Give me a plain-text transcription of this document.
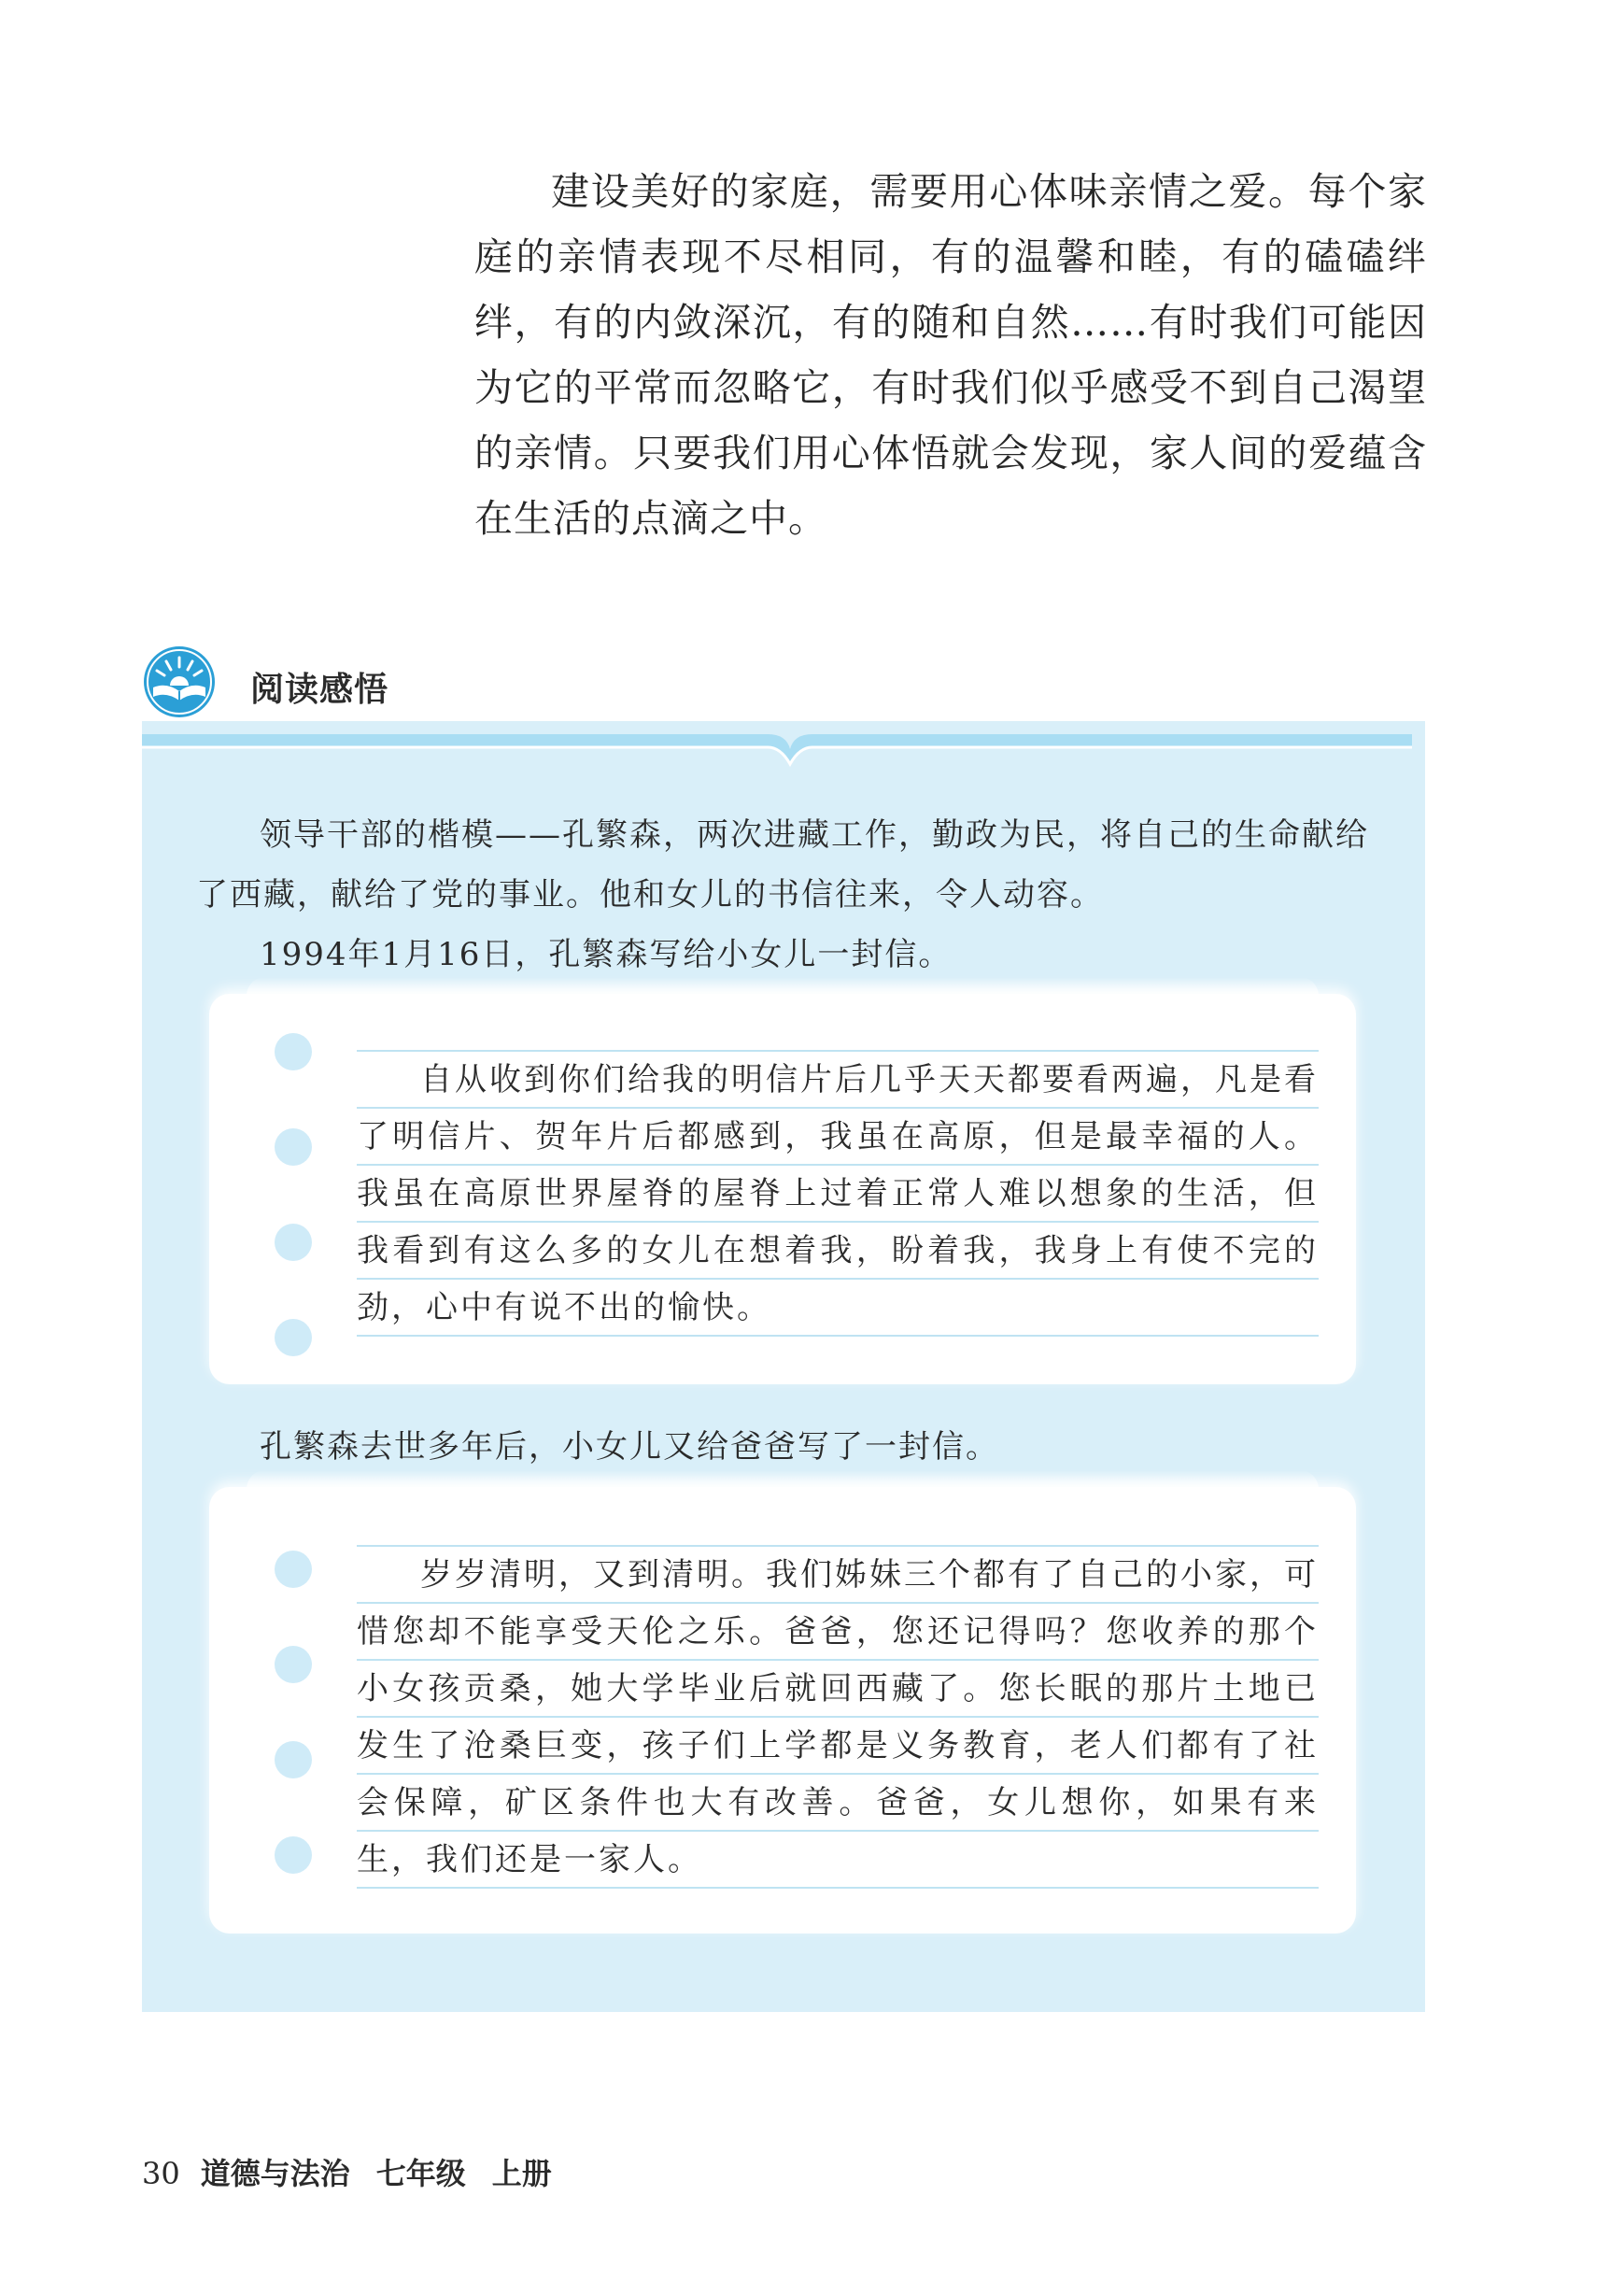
建设美好的家庭，需要用心体味亲情之爱。每个家庭的亲情表现不尽相同，有的温馨和睦，有的磕磕绊绊，有的内敛深沉，有的随和自然……有时我们可能因为它的平常而忽略它，有时我们似乎感受不到自己渴望的亲情。只要我们用心体悟就会发现，家人间的爱蕴含在生活的点滴之中。

阅读感悟

领导干部的楷模——孔繁森，两次进藏工作，勤政为民，将自己的生命献给了西藏，献给了党的事业。他和女儿的书信往来，令人动容。

1994年1月16日，孔繁森写给小女儿一封信。

自从收到你们给我的明信片后几乎天天都要看两遍，凡是看了明信片、贺年片后都感到，我虽在高原，但是最幸福的人。我虽在高原世界屋脊的屋脊上过着正常人难以想象的生活，但我看到有这么多的女儿在想着我，盼着我，我身上有使不完的劲，心中有说不出的愉快。

孔繁森去世多年后，小女儿又给爸爸写了一封信。

岁岁清明，又到清明。我们姊妹三个都有了自己的小家，可惜您却不能享受天伦之乐。爸爸，您还记得吗？您收养的那个小女孩贡桑，她大学毕业后就回西藏了。您长眠的那片土地已发生了沧桑巨变，孩子们上学都是义务教育，老人们都有了社会保障，矿区条件也大有改善。爸爸，女儿想你，如果有来生，我们还是一家人。

30 道德与法治 七年级 上册
